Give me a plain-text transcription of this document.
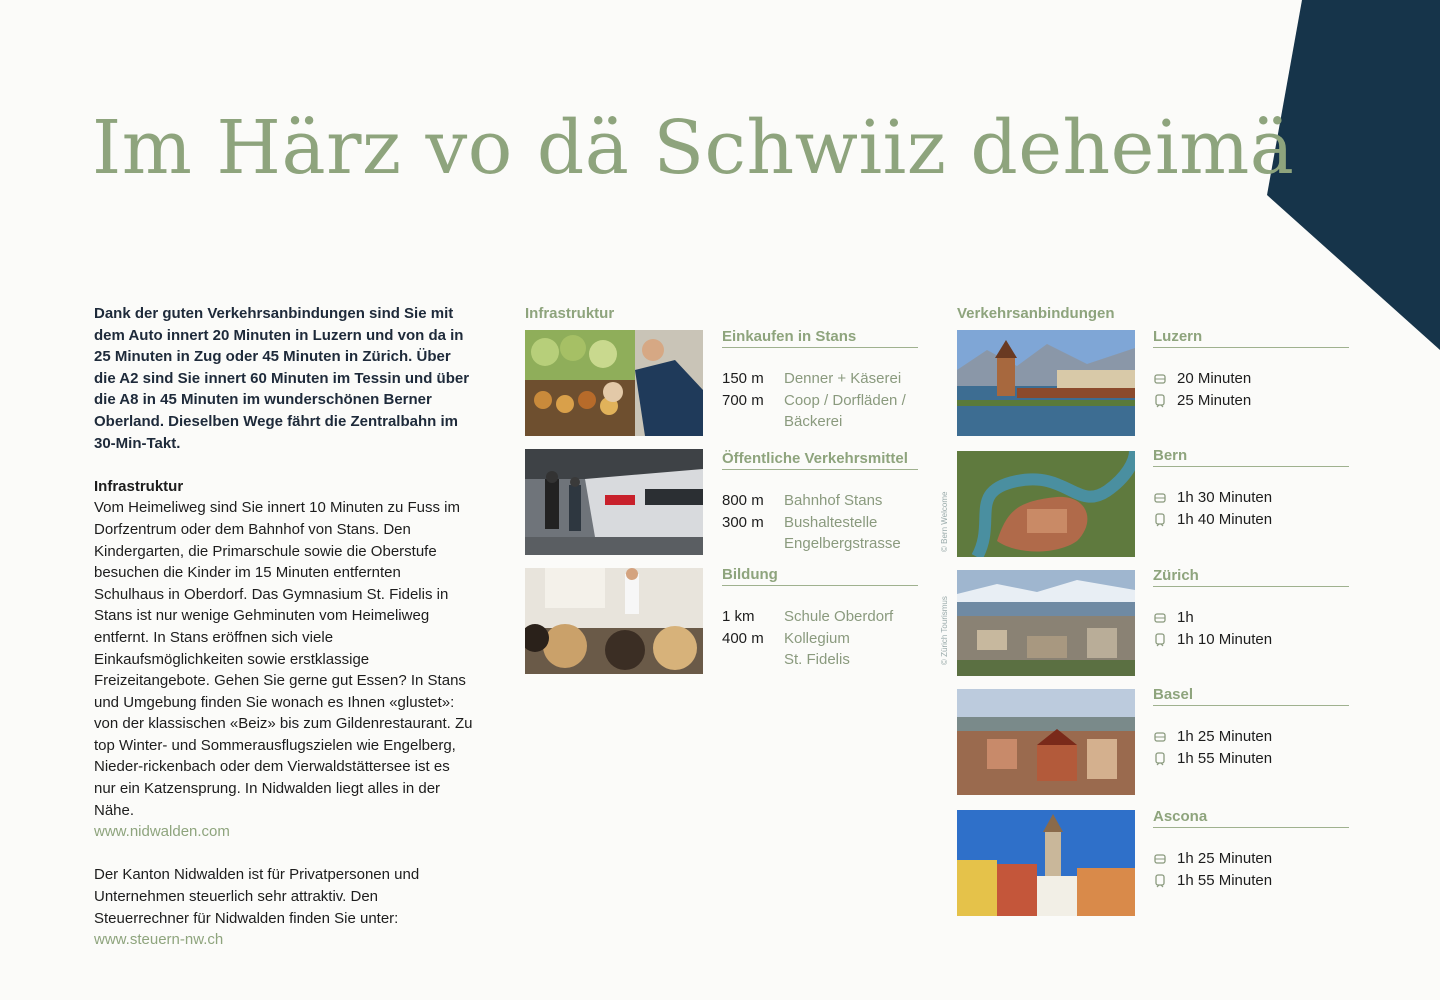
Im Härz vo dä Schwiiz deheimä

Dank der guten Verkehrsanbindungen sind Sie mit dem Auto innert 20 Minuten in Luzern und von da in 25 Minuten in Zug oder 45 Minuten in Zürich. Über die A2 sind Sie innert 60 Minuten im Tessin und über die A8 in 45 Minuten im wunderschönen Berner Oberland. Dieselben Wege fährt die Zentralbahn im 30-Min-Takt.

Infrastruktur

Vom Heimeliweg sind Sie innert 10 Minuten zu Fuss im Dorfzentrum oder dem Bahnhof von Stans. Den Kindergarten, die Primarschule sowie die Oberstufe besuchen die Kinder im 15 Minuten entfernten Schulhaus in Oberdorf. Das Gymnasium St. Fidelis in Stans ist nur wenige Gehminuten vom Heimeliweg entfernt. In Stans eröffnen sich viele Einkaufsmöglichkeiten sowie erstklassige Freizeitangebote. Gehen Sie gerne gut Essen? In Stans und Umgebung finden Sie wonach es Ihnen «glustet»: von der klassischen «Beiz» bis zum Gildenrestaurant. Zu top Winter- und Sommerausflugszielen wie Engelberg, Nieder-rickenbach oder dem Vierwaldstättersee ist es nur ein Katzensprung. In Nidwalden liegt alles in der Nähe.

www.nidwalden.com

Der Kanton Nidwalden ist für Privatpersonen und Unternehmen steuerlich sehr attraktiv. Den Steuerrechner für Nidwalden finden Sie unter:

www.steuern-nw.ch

Infrastruktur
Einkaufen in Stans
150 m	Denner + Käserei
700 m	Coop / Dorfläden /
Bäckerei
Öffentliche Verkehrsmittel
800 m	Bahnhof Stans
300 m	Bushaltestelle
Engelbergstrasse
Bildung
1 km	Schule Oberdorf
400 m	Kollegium
St. Fidelis
Verkehrsanbindungen
© Bern Welcome
© Zürich Tourismus
Luzern
20 Minuten
25 Minuten
Bern
1h 30 Minuten
1h 40 Minuten
Zürich
1h
1h 10 Minuten
Basel
1h 25 Minuten
1h 55 Minuten
Ascona
1h 25 Minuten
1h 55 Minuten
